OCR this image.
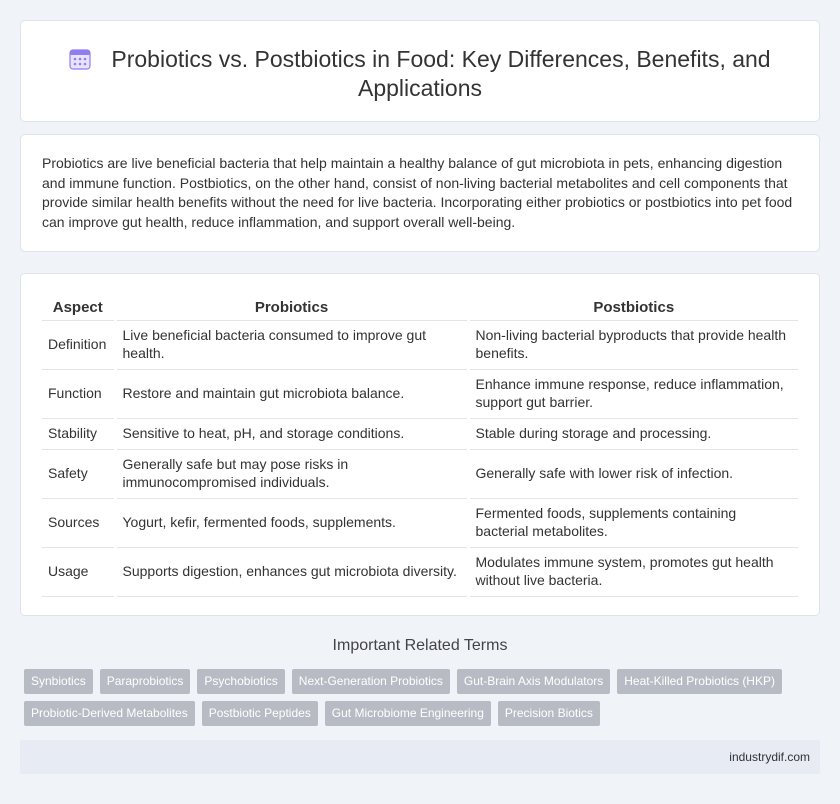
Probiotics vs. Postbiotics in Food: Key Differences, Benefits, and Applications

Probiotics are live beneficial bacteria that help maintain a healthy balance of gut microbiota in pets, enhancing digestion and immune function. Postbiotics, on the other hand, consist of non-living bacterial metabolites and cell components that provide similar health benefits without the need for live bacteria. Incorporating either probiotics or postbiotics into pet food can improve gut health, reduce inflammation, and support overall well-being.

Aspect	Probiotics	Postbiotics
Definition	Live beneficial bacteria consumed to improve gut health.	Non-living bacterial byproducts that provide health benefits.
Function	Restore and maintain gut microbiota balance.	Enhance immune response, reduce inflammation, support gut barrier.
Stability	Sensitive to heat, pH, and storage conditions.	Stable during storage and processing.
Safety	Generally safe but may pose risks in immunocompromised individuals.	Generally safe with lower risk of infection.
Sources	Yogurt, kefir, fermented foods, supplements.	Fermented foods, supplements containing bacterial metabolites.
Usage	Supports digestion, enhances gut microbiota diversity.	Modulates immune system, promotes gut health without live bacteria.
Important Related Terms
Synbiotics	Paraprobiotics	Psychobiotics	Next-Generation Probiotics	Gut-Brain Axis Modulators	Heat-Killed Probiotics (HKP)
Probiotic-Derived Metabolites	Postbiotic Peptides	Gut Microbiome Engineering	Precision Biotics
industrydif.com
